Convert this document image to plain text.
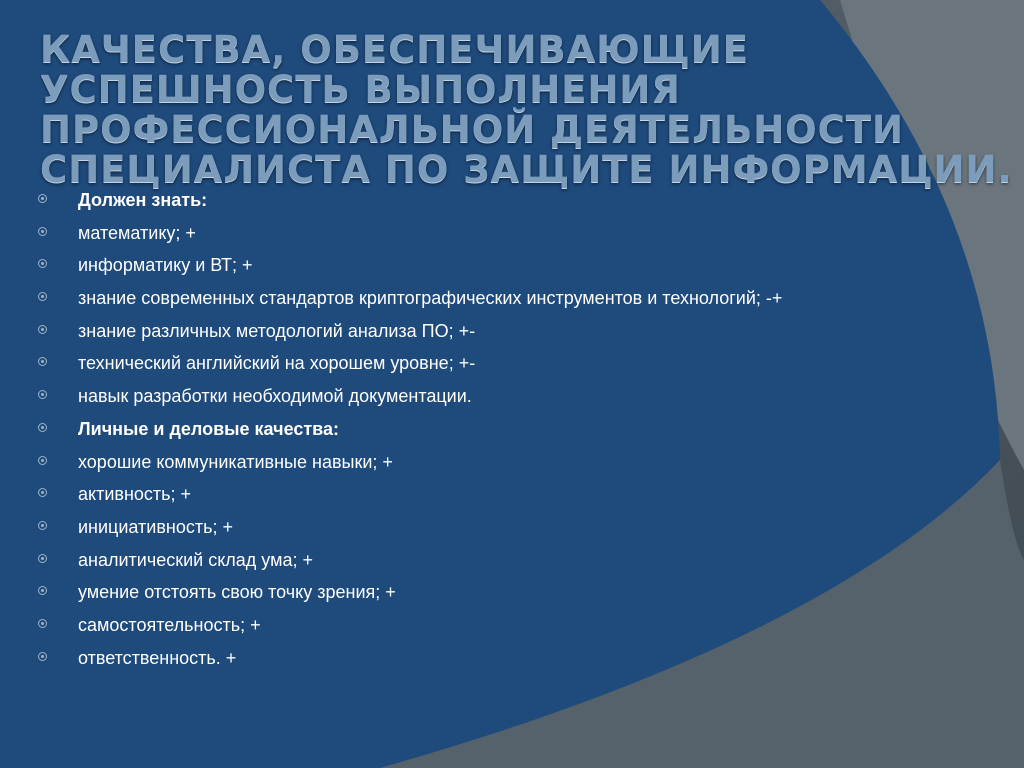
КАЧЕСТВА, ОБЕСПЕЧИВАЮЩИЕ
УСПЕШНОСТЬ ВЫПОЛНЕНИЯ
ПРОФЕССИОНАЛЬНОЙ ДЕЯТЕЛЬНОСТИ
СПЕЦИАЛИСТА ПО ЗАЩИТЕ ИНФОРМАЦИИ.
Должен знать:
математику; +
информатику и ВТ; +
знание современных стандартов криптографических инструментов и технологий; -+
знание различных методологий анализа ПО; +-
технический английский на хорошем уровне; +-
навык разработки необходимой документации.
Личные и деловые качества:
хорошие коммуникативные навыки; +
активность; +
инициативность; +
аналитический склад ума; +
умение отстоять свою точку зрения; +
самостоятельность; +
ответственность. +
